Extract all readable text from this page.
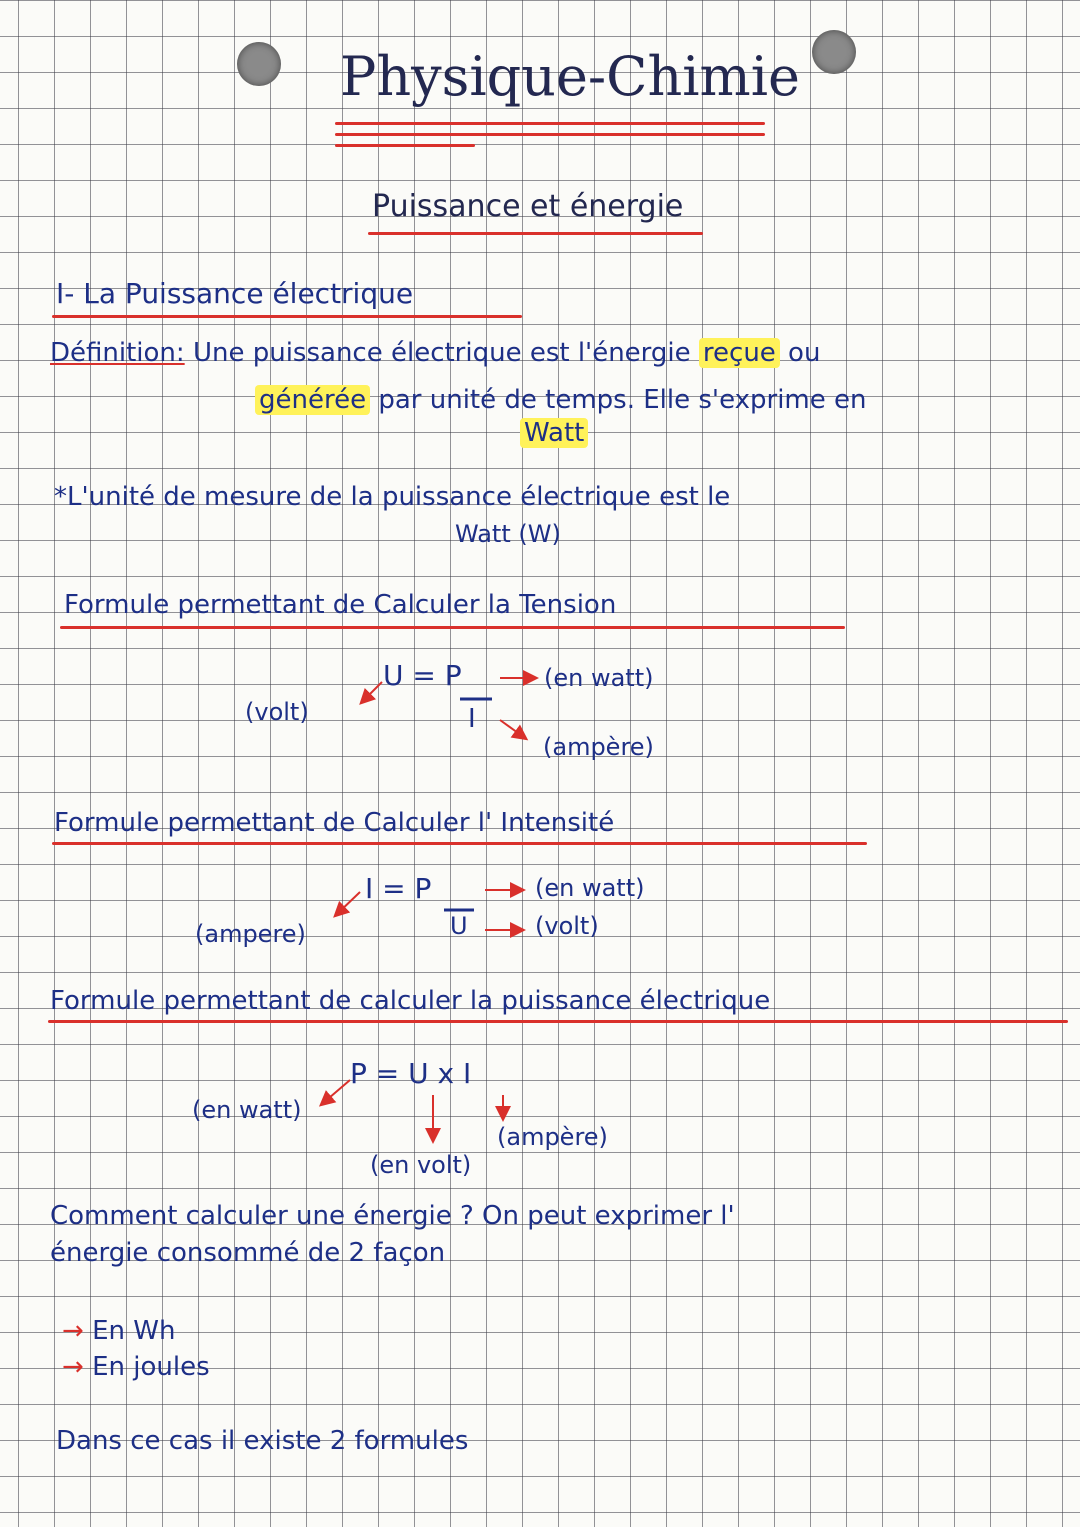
Physique-Chimie
Puissance et énergie
I- La Puissance électrique
Définition: Une puissance électrique est l'énergie reçue ou
générée par unité de temps. Elle s'exprime en
Watt
*L'unité de mesure de la puissance électrique est le
Watt (W)
Formule permettant de Calculer la Tension
U = P
I
(en watt)
(volt)
(ampère)
Formule permettant de Calculer l' Intensité
I = P
U
(en watt)
(ampere)	(volt)
Formule permettant de calculer la puissance électrique
P = U x I
(en watt)
(ampère)
(en volt)
Comment calculer une énergie ? On peut exprimer l'
énergie consommé de 2 façon
→ En Wh
→ En joules
Dans ce cas il existe 2 formules
